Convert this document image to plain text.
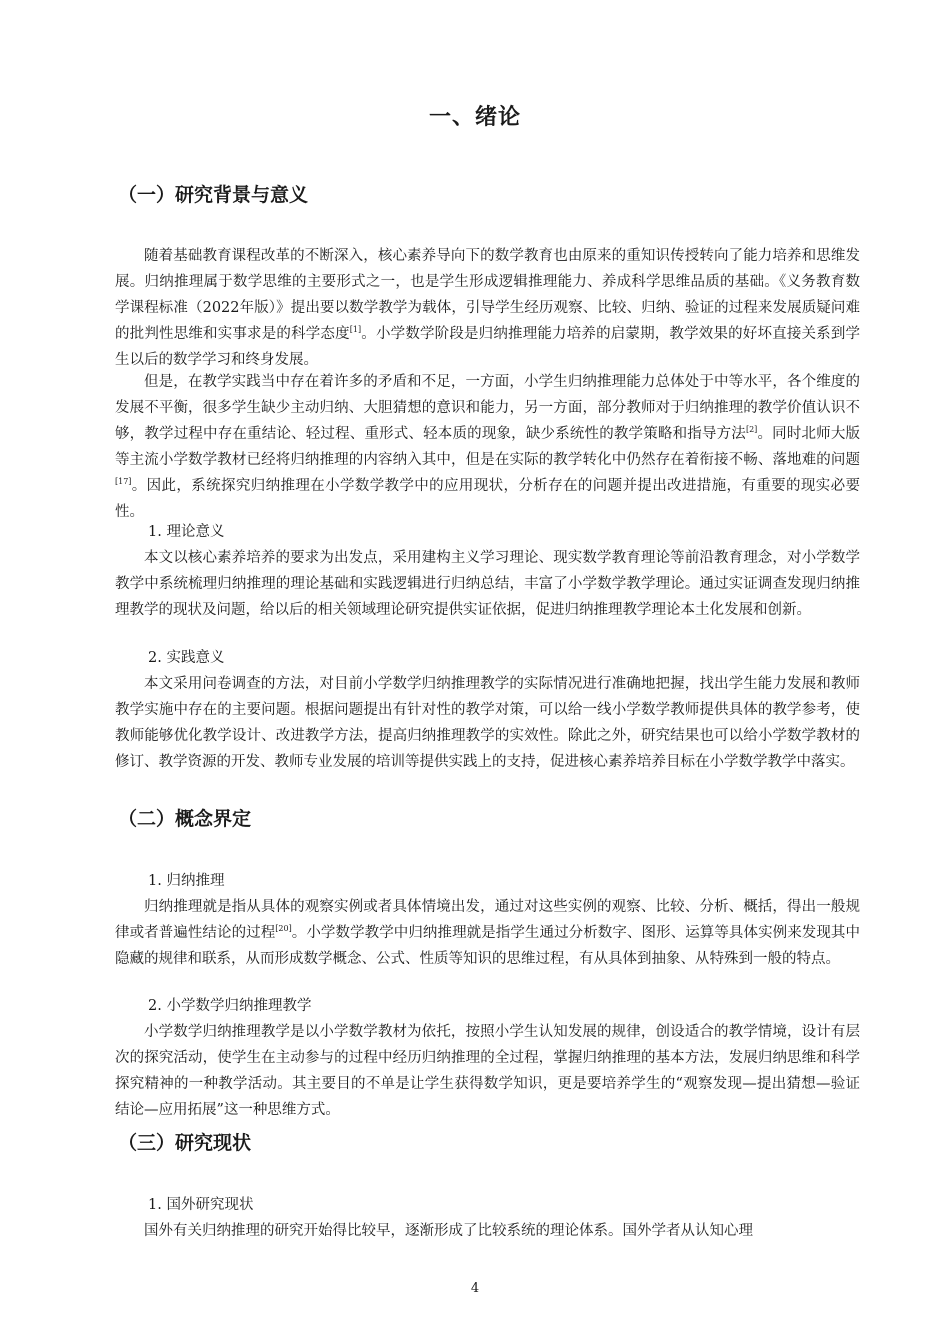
一、绪论
（一）研究背景与意义

随着基础教育课程改革的不断深入，核心素养导向下的数学教育也由原来的重知识传授转向了能力培养和思维发展。归纳推理属于数学思维的主要形式之一，也是学生形成逻辑推理能力、养成科学思维品质的基础。《义务教育数学课程标准（2022年版）》提出要以数学教学为载体，引导学生经历观察、比较、归纳、验证的过程来发展质疑问难的批判性思维和实事求是的科学态度[1]。小学数学阶段是归纳推理能力培养的启蒙期，教学效果的好坏直接关系到学生以后的数学学习和终身发展。

但是，在教学实践当中存在着许多的矛盾和不足，一方面，小学生归纳推理能力总体处于中等水平，各个维度的发展不平衡，很多学生缺少主动归纳、大胆猜想的意识和能力，另一方面，部分教师对于归纳推理的教学价值认识不够，教学过程中存在重结论、轻过程、重形式、轻本质的现象，缺少系统性的教学策略和指导方法[2]。同时北师大版等主流小学数学教材已经将归纳推理的内容纳入其中，但是在实际的教学转化中仍然存在着衔接不畅、落地难的问题[17]。因此，系统探究归纳推理在小学数学教学中的应用现状，分析存在的问题并提出改进措施，有重要的现实必要性。

1. 理论意义

本文以核心素养培养的要求为出发点，采用建构主义学习理论、现实数学教育理论等前沿教育理念，对小学数学教学中系统梳理归纳推理的理论基础和实践逻辑进行归纳总结，丰富了小学数学教学理论。通过实证调查发现归纳推理教学的现状及问题，给以后的相关领域理论研究提供实证依据，促进归纳推理教学理论本土化发展和创新。

2. 实践意义

本文采用问卷调查的方法，对目前小学数学归纳推理教学的实际情况进行准确地把握，找出学生能力发展和教师教学实施中存在的主要问题。根据问题提出有针对性的教学对策，可以给一线小学数学教师提供具体的教学参考，使教师能够优化教学设计、改进教学方法，提高归纳推理教学的实效性。除此之外，研究结果也可以给小学数学教材的修订、教学资源的开发、教师专业发展的培训等提供实践上的支持，促进核心素养培养目标在小学数学教学中落实。

（二）概念界定
1. 归纳推理

归纳推理就是指从具体的观察实例或者具体情境出发，通过对这些实例的观察、比较、分析、概括，得出一般规律或者普遍性结论的过程[20]。小学数学教学中归纳推理就是指学生通过分析数字、图形、运算等具体实例来发现其中隐藏的规律和联系，从而形成数学概念、公式、性质等知识的思维过程，有从具体到抽象、从特殊到一般的特点。

2. 小学数学归纳推理教学

小学数学归纳推理教学是以小学数学教材为依托，按照小学生认知发展的规律，创设适合的教学情境，设计有层次的探究活动，使学生在主动参与的过程中经历归纳推理的全过程，掌握归纳推理的基本方法，发展归纳思维和科学探究精神的一种教学活动。其主要目的不单是让学生获得数学知识，更是要培养学生的“观察发现—提出猜想—验证结论—应用拓展”这一种思维方式。

（三）研究现状
1. 国外研究现状

国外有关归纳推理的研究开始得比较早，逐渐形成了比较系统的理论体系。国外学者从认知心理

4
